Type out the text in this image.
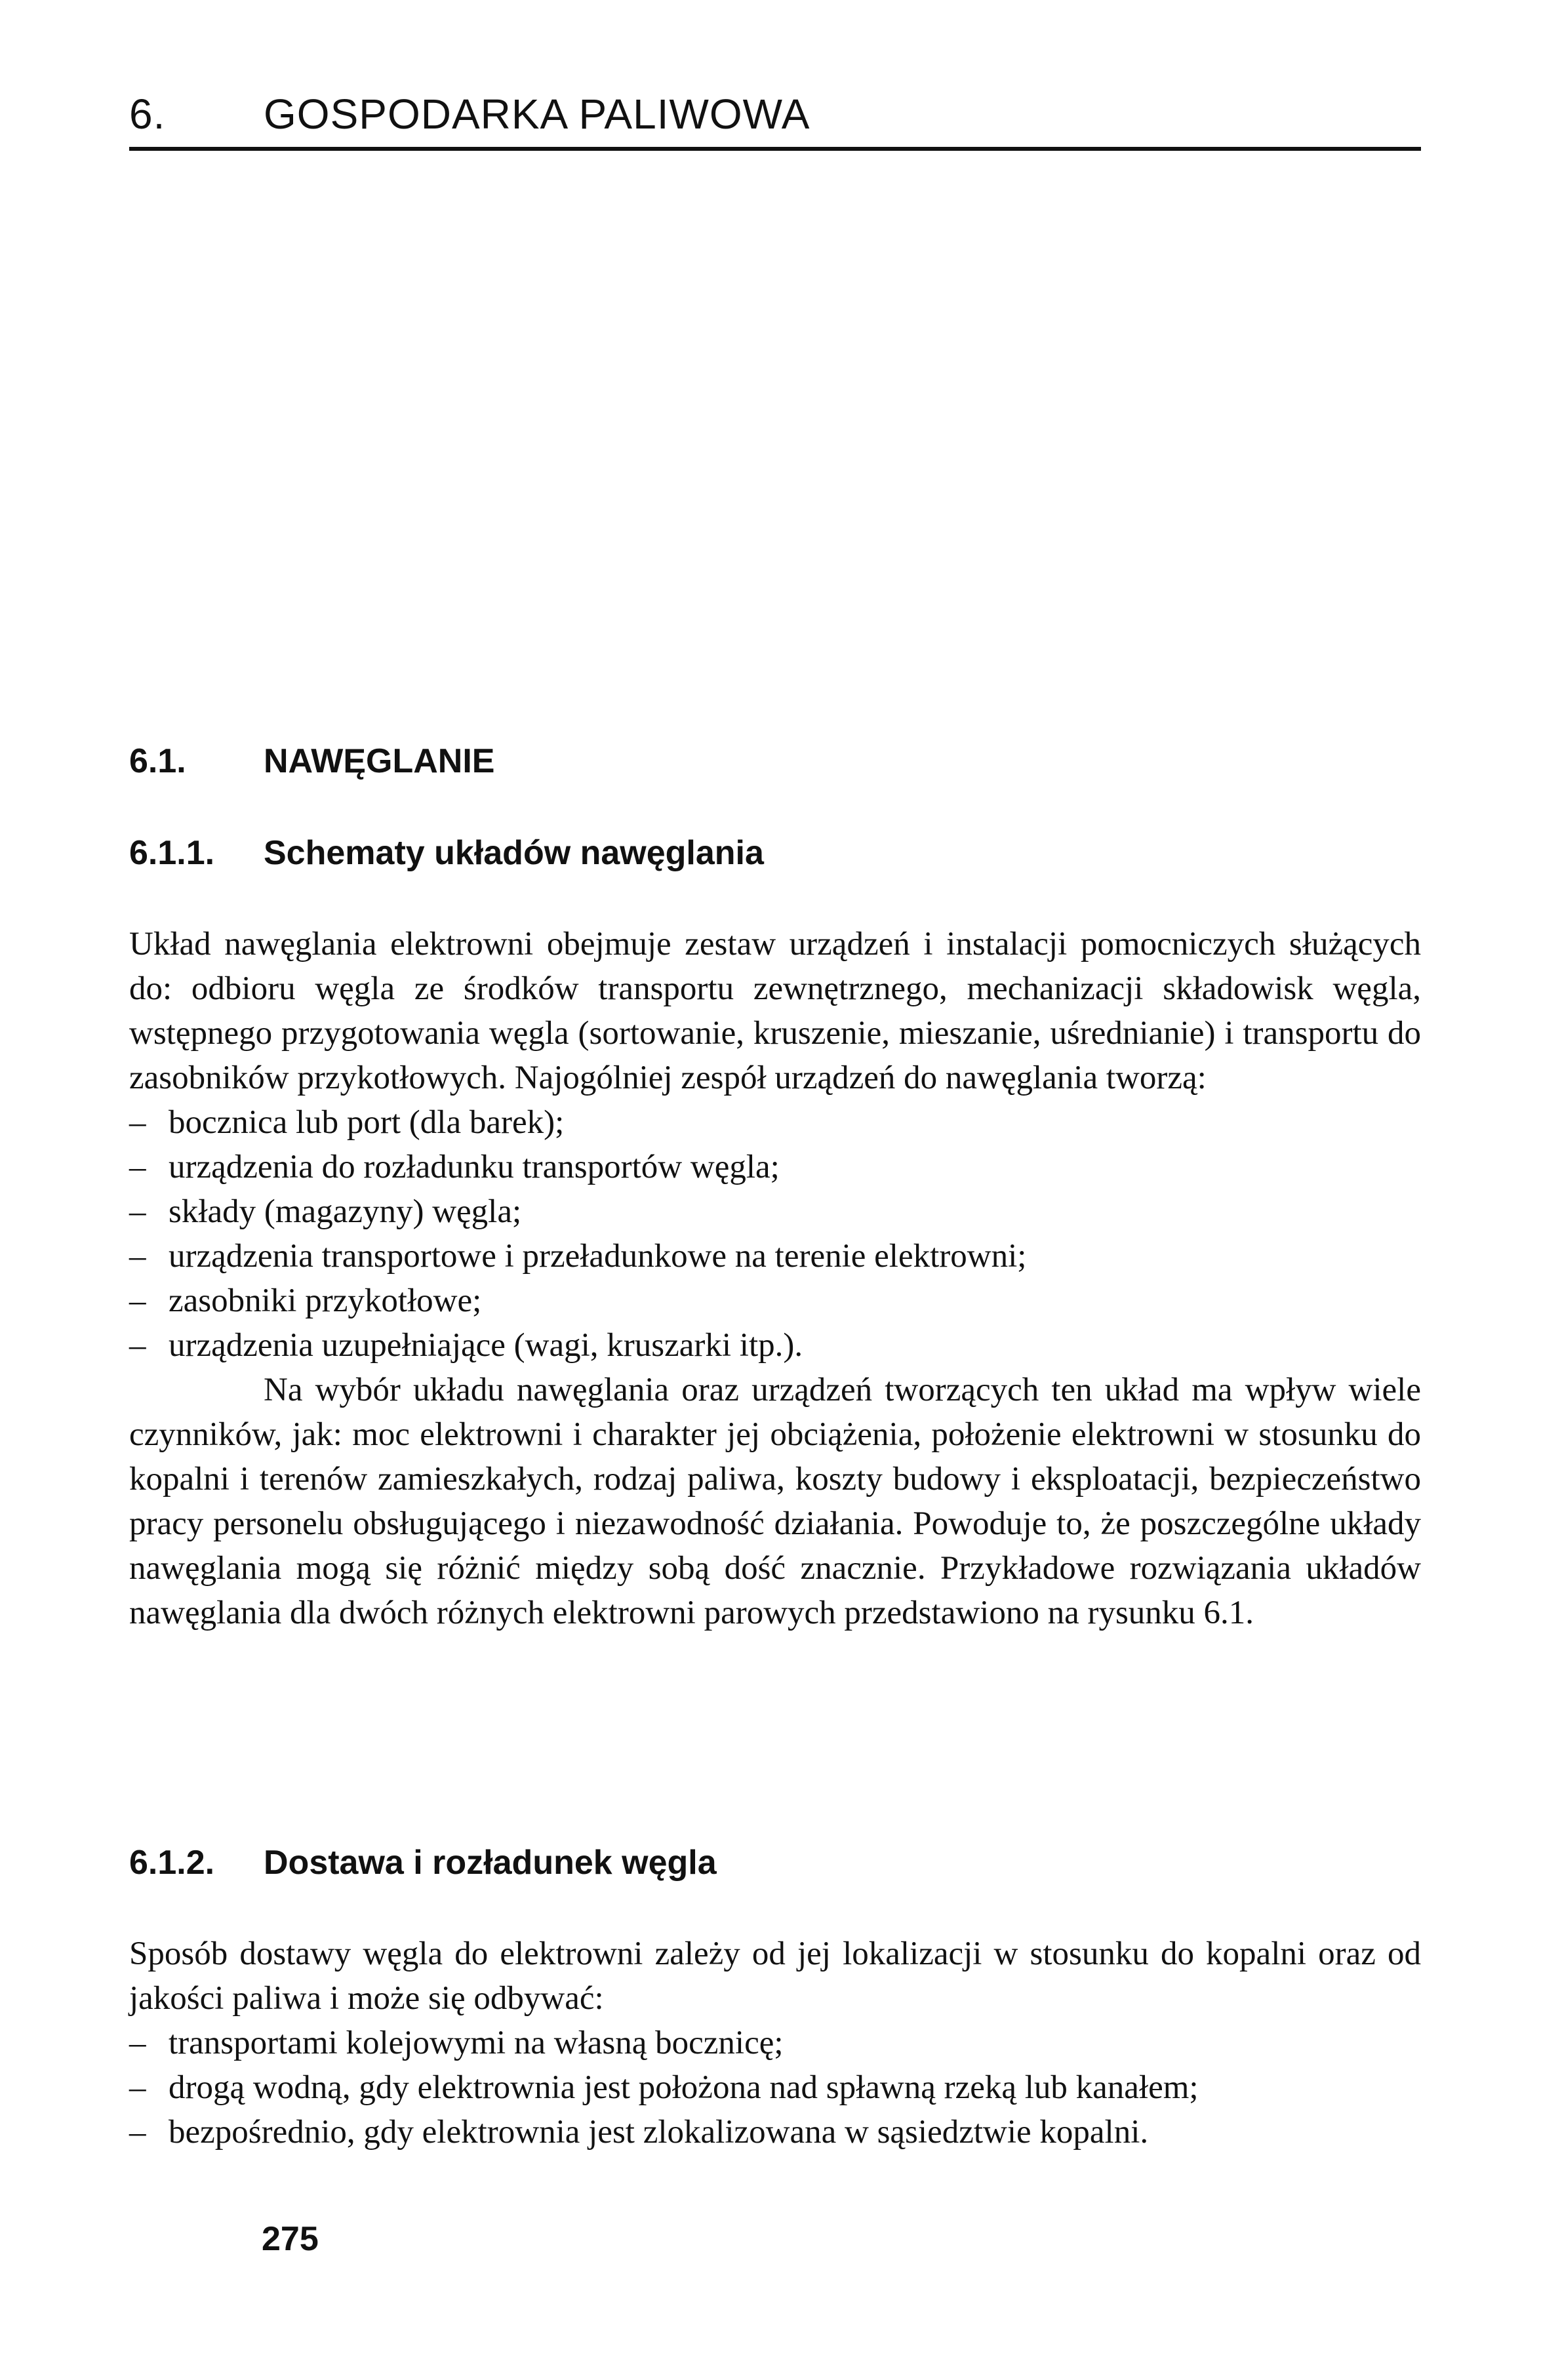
6. GOSPODARKA PALIWOWA
6.1. NAWĘGLANIE
6.1.1. Schematy układów nawęglania

Układ nawęglania elektrowni obejmuje zestaw urządzeń i instalacji pomocniczych służących do: odbioru węgla ze środków transportu zewnętrznego, mechanizacji składowisk węgla, wstępnego przygotowania węgla (sortowanie, kruszenie, mieszanie, uśrednianie) i transportu do zasobników przykotłowych. Najogólniej zespół urządzeń do nawęglania tworzą:

– bocznica lub port (dla barek);
– urządzenia do rozładunku transportów węgla;
– składy (magazyny) węgla;
– urządzenia transportowe i przeładunkowe na terenie elektrowni;
– zasobniki przykotłowe;
– urządzenia uzupełniające (wagi, kruszarki itp.).

Na wybór układu nawęglania oraz urządzeń tworzących ten układ ma wpływ wiele czynników, jak: moc elektrowni i charakter jej obciążenia, położenie elektrowni w stosunku do kopalni i terenów zamieszkałych, rodzaj paliwa, koszty budowy i eksploatacji, bezpieczeństwo pracy personelu obsługującego i niezawodność działania. Powoduje to, że poszczególne układy nawęglania mogą się różnić między sobą dość znacznie. Przykładowe rozwiązania układów nawęglania dla dwóch różnych elektrowni parowych przedstawiono na rysunku 6.1.

6.1.2. Dostawa i rozładunek węgla

Sposób dostawy węgla do elektrowni zależy od jej lokalizacji w stosunku do kopalni oraz od jakości paliwa i może się odbywać:

– transportami kolejowymi na własną bocznicę;
– drogą wodną, gdy elektrownia jest położona nad spławną rzeką lub kanałem;
– bezpośrednio, gdy elektrownia jest zlokalizowana w sąsiedztwie kopalni.
275
